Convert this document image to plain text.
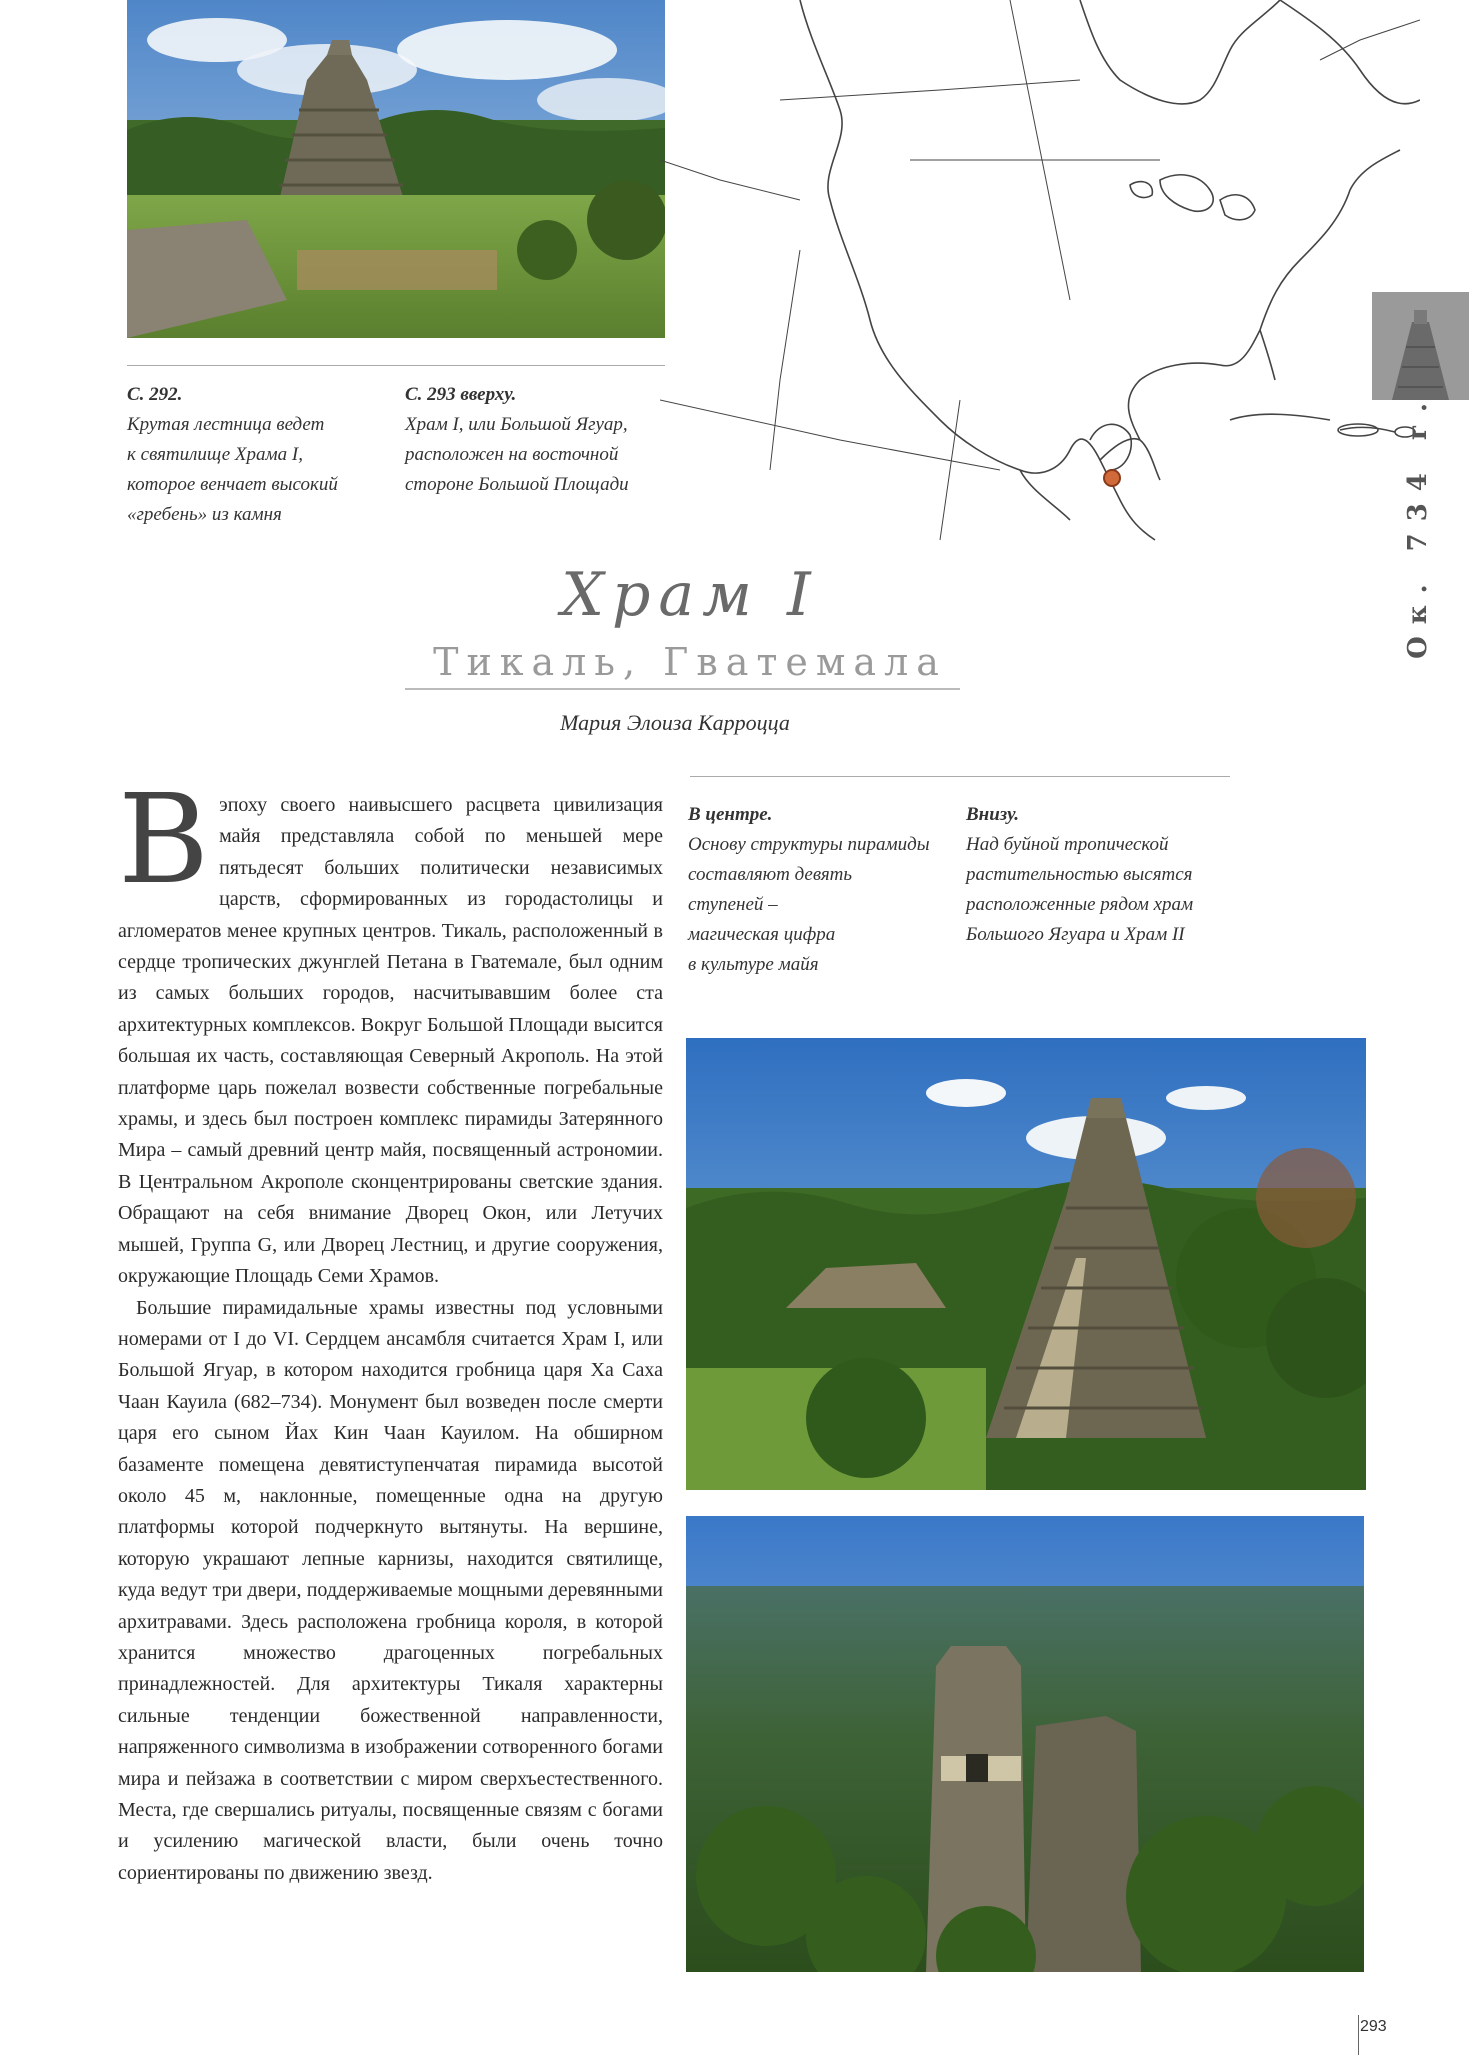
С. 292.
Крутая лестница ведет
к святилище Храма I,
которое венчает высокий
«гребень» из камня
С. 293 вверху.
Храм I, или Большой Ягуар,
расположен на восточной
стороне Большой Площади	Ок. 734 г.
Храм I
Тикаль, Гватемала
Мария Элоиза Карроцца

Вэпоху своего наивысшего расцвета цивилизация майя представляла собой по меньшей мере пятьдесят больших политически независимых царств, сформированных из городастолицы и агломератов менее крупных центров. Тикаль, расположенный в сердце тропических джунглей Петана в Гватемале, был одним из самых больших городов, насчитывавшим более ста архитектурных комплексов. Вокруг Большой Площади высится большая их часть, составляющая Северный Акрополь. На этой платформе царь пожелал возвести собственные погребальные храмы, и здесь был построен комплекс пирамиды Затерянного Мира – самый древний центр майя, посвященный астрономии. В Центральном Акрополе сконцентрированы светские здания. Обращают на себя внимание Дворец Окон, или Летучих мышей, Группа G, или Дворец Лестниц, и другие сооружения, окружающие Площадь Семи Храмов.

Большие пирамидальные храмы известны под условными номерами от I до VI. Сердцем ансамбля считается Храм I, или Большой Ягуар, в котором находится гробница царя Ха Саха Чаан Кауила (682–734). Монумент был возведен после смерти царя его сыном Йах Кин Чаан Кауилом. На обширном базаменте помещена девятиступенчатая пирамида высотой около 45 м, наклонные, помещенные одна на другую платформы которой подчеркнуто вытянуты. На вершине, которую украшают лепные карнизы, находится святилище, куда ведут три двери, поддерживаемые мощными деревянными архитравами. Здесь расположена гробница короля, в которой хранится множество драгоценных погребальных принадлежностей. Для архитектуры Тикаля характерны сильные тенденции божественной направленности, напряженного символизма в изображении сотворенного богами мира и пейзажа в соответствии с миром сверхъестественного. Места, где свершались ритуалы, посвященные связям с богами и усилению магической власти, были очень точно сориентированы по движению звезд.

В центре.
Основу структуры пирамиды
составляют девять
ступеней –
магическая цифра
в культуре майя
Внизу.
Над буйной тропической
растительностью высятся
расположенные рядом храм
Большого Ягуара и Храм II
293
